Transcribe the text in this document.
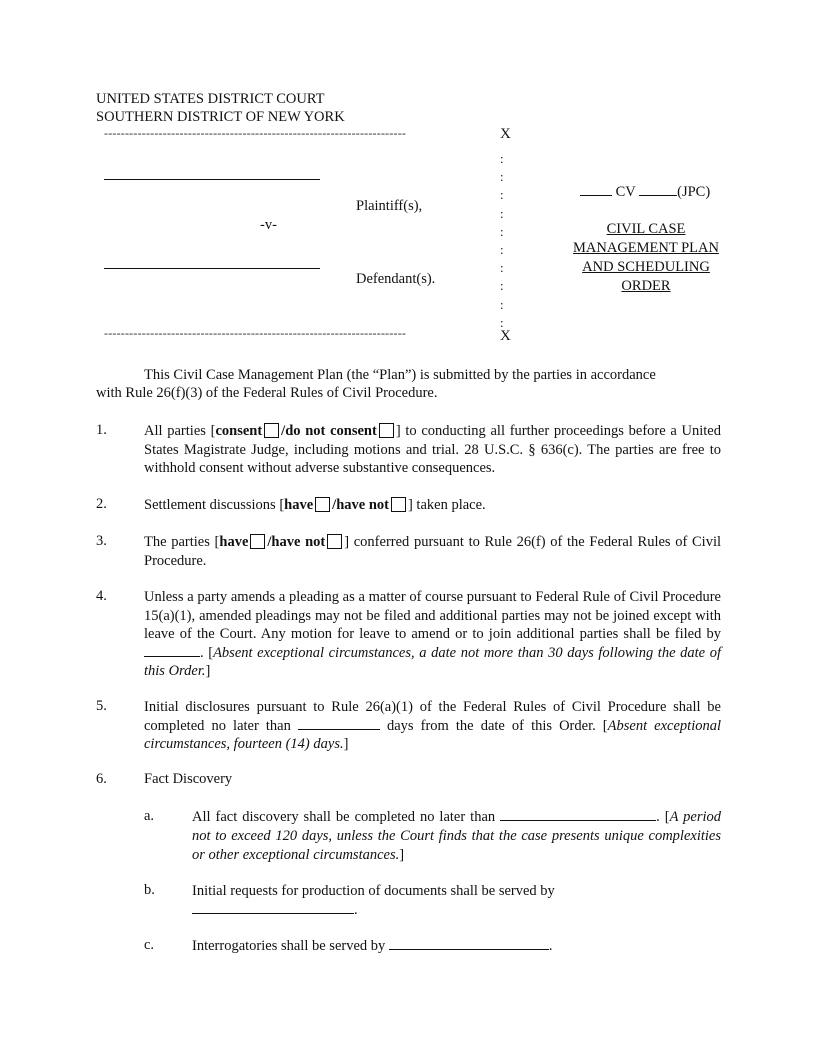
UNITED STATES DISTRICT COURT
SOUTHERN DISTRICT OF NEW YORK
------------------------------------------------------------------------	X
:
:
:
:
:
:
:
:
:
:
Plaintiff(s),
-v-
Defendant(s).
------------------------------------------------------------------------	X
CV	(JPC)
CIVIL CASE
MANAGEMENT PLAN
AND SCHEDULING
ORDER
This Civil Case Management Plan (the “Plan”) is submitted by the parties in accordance
with Rule 26(f)(3) of the Federal Rules of Civil Procedure.
1.	All parties [consent /do not consent ] to conducting all further proceedings before a United States Magistrate Judge, including motions and trial. 28 U.S.C. § 636(c). The parties are free to withhold consent without adverse substantive consequences.
2.	Settlement discussions [have /have not ] taken place.
3.	The parties [have /have not ] conferred pursuant to Rule 26(f) of the Federal Rules of Civil Procedure.
4.	Unless a party amends a pleading as a matter of course pursuant to Federal Rule of Civil Procedure 15(a)(1), amended pleadings may not be filed and additional parties may not be joined except with leave of the Court. Any motion for leave to amend or to join additional parties shall be filed by . [Absent exceptional circumstances, a date not more than 30 days following the date of this Order.]
5.	Initial disclosures pursuant to Rule 26(a)(1) of the Federal Rules of Civil Procedure shall be completed no later than	days from the date of this Order. [Absent exceptional circumstances, fourteen (14) days.]
6.	Fact Discovery
a.	All fact discovery shall be completed no later than	. [A period not to exceed 120 days, unless the Court finds that the case presents unique complexities or other exceptional circumstances.]
b.	Initial requests for production of documents shall be served by
.
c.	Interrogatories shall be served by	.
